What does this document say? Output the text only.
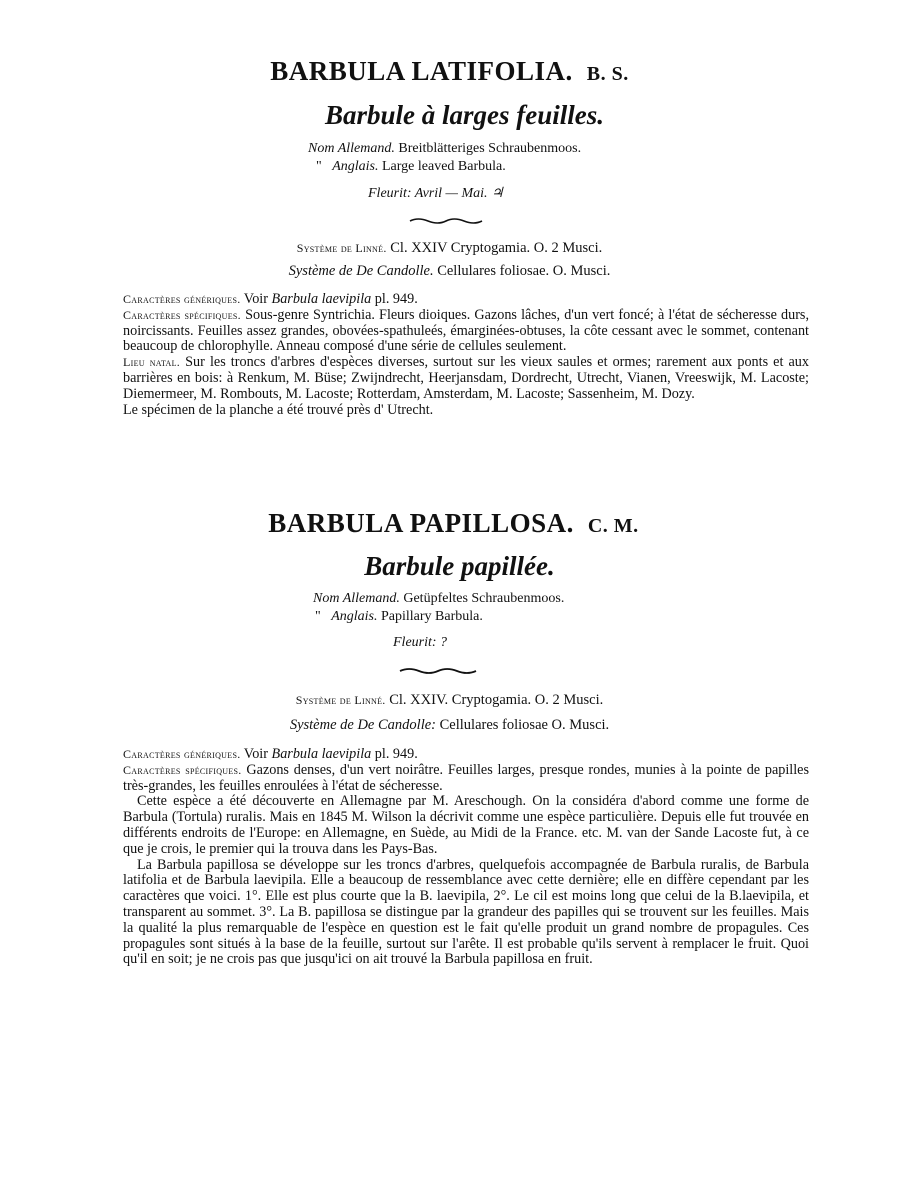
BARBULA LATIFOLIA. B. S.
Barbule à larges feuilles.
Nom Allemand. Breitblätteriges Schraubenmoos.
" Anglais. Large leaved Barbula.
Fleurit: Avril — Mai. ♃
Système de Linné. Cl. XXIV Cryptogamia. O. 2 Musci.
Système de De Candolle. Cellulares foliosae. O. Musci.

Caractères génériques. Voir Barbula laevipila pl. 949.

Caractères spécifiques. Sous-genre Syntrichia. Fleurs dioiques. Gazons lâches, d'un vert foncé; à l'état de sécheresse durs, noircissants. Feuilles assez grandes, obovées-spathuleés, émarginées-obtuses, la côte cessant avec le sommet, contenant beaucoup de chlorophylle. Anneau composé d'une série de cellules seulement.

Lieu natal. Sur les troncs d'arbres d'espèces diverses, surtout sur les vieux saules et ormes; rarement aux ponts et aux barrières en bois: à Renkum, M. Büse; Zwijndrecht, Heerjansdam, Dordrecht, Utrecht, Vianen, Vreeswijk, M. Lacoste; Diemermeer, M. Rombouts, M. Lacoste; Rotterdam, Amsterdam, M. Lacoste; Sassenheim, M. Dozy.

Le spécimen de la planche a été trouvé près d' Utrecht.

BARBULA PAPILLOSA. C. M.
Barbule papillée.
Nom Allemand. Getüpfeltes Schraubenmoos.
" Anglais. Papillary Barbula.
Fleurit: ?
Système de Linné. Cl. XXIV. Cryptogamia. O. 2 Musci.
Système de De Candolle: Cellulares foliosae O. Musci.

Caractères génériques. Voir Barbula laevipila pl. 949.

Caractères spécifiques. Gazons denses, d'un vert noirâtre. Feuilles larges, presque rondes, munies à la pointe de papilles très-grandes, les feuilles enroulées à l'état de sécheresse.

Cette espèce a été découverte en Allemagne par M. Areschough. On la considéra d'abord comme une forme de Barbula (Tortula) ruralis. Mais en 1845 M. Wilson la décrivit comme une espèce particulière. Depuis elle fut trouvée en différents endroits de l'Europe: en Allemagne, en Suède, au Midi de la France. etc. M. van der Sande Lacoste fut, à ce que je crois, le premier qui la trouva dans les Pays-Bas.

La Barbula papillosa se développe sur les troncs d'arbres, quelquefois accompagnée de Barbula ruralis, de Barbula latifolia et de Barbula laevipila. Elle a beaucoup de ressemblance avec cette dernière; elle en diffère cependant par les caractères que voici. 1°. Elle est plus courte que la B. laevipila, 2°. Le cil est moins long que celui de la B.laevipila, et transparent au sommet. 3°. La B. papillosa se distingue par la grandeur des papilles qui se trouvent sur les feuilles. Mais la qualité la plus remarquable de l'espèce en question est le fait qu'elle produit un grand nombre de propagules. Ces propagules sont situés à la base de la feuille, surtout sur l'arête. Il est probable qu'ils servent à remplacer le fruit. Quoi qu'il en soit; je ne crois pas que jusqu'ici on ait trouvé la Barbula papillosa en fruit.
